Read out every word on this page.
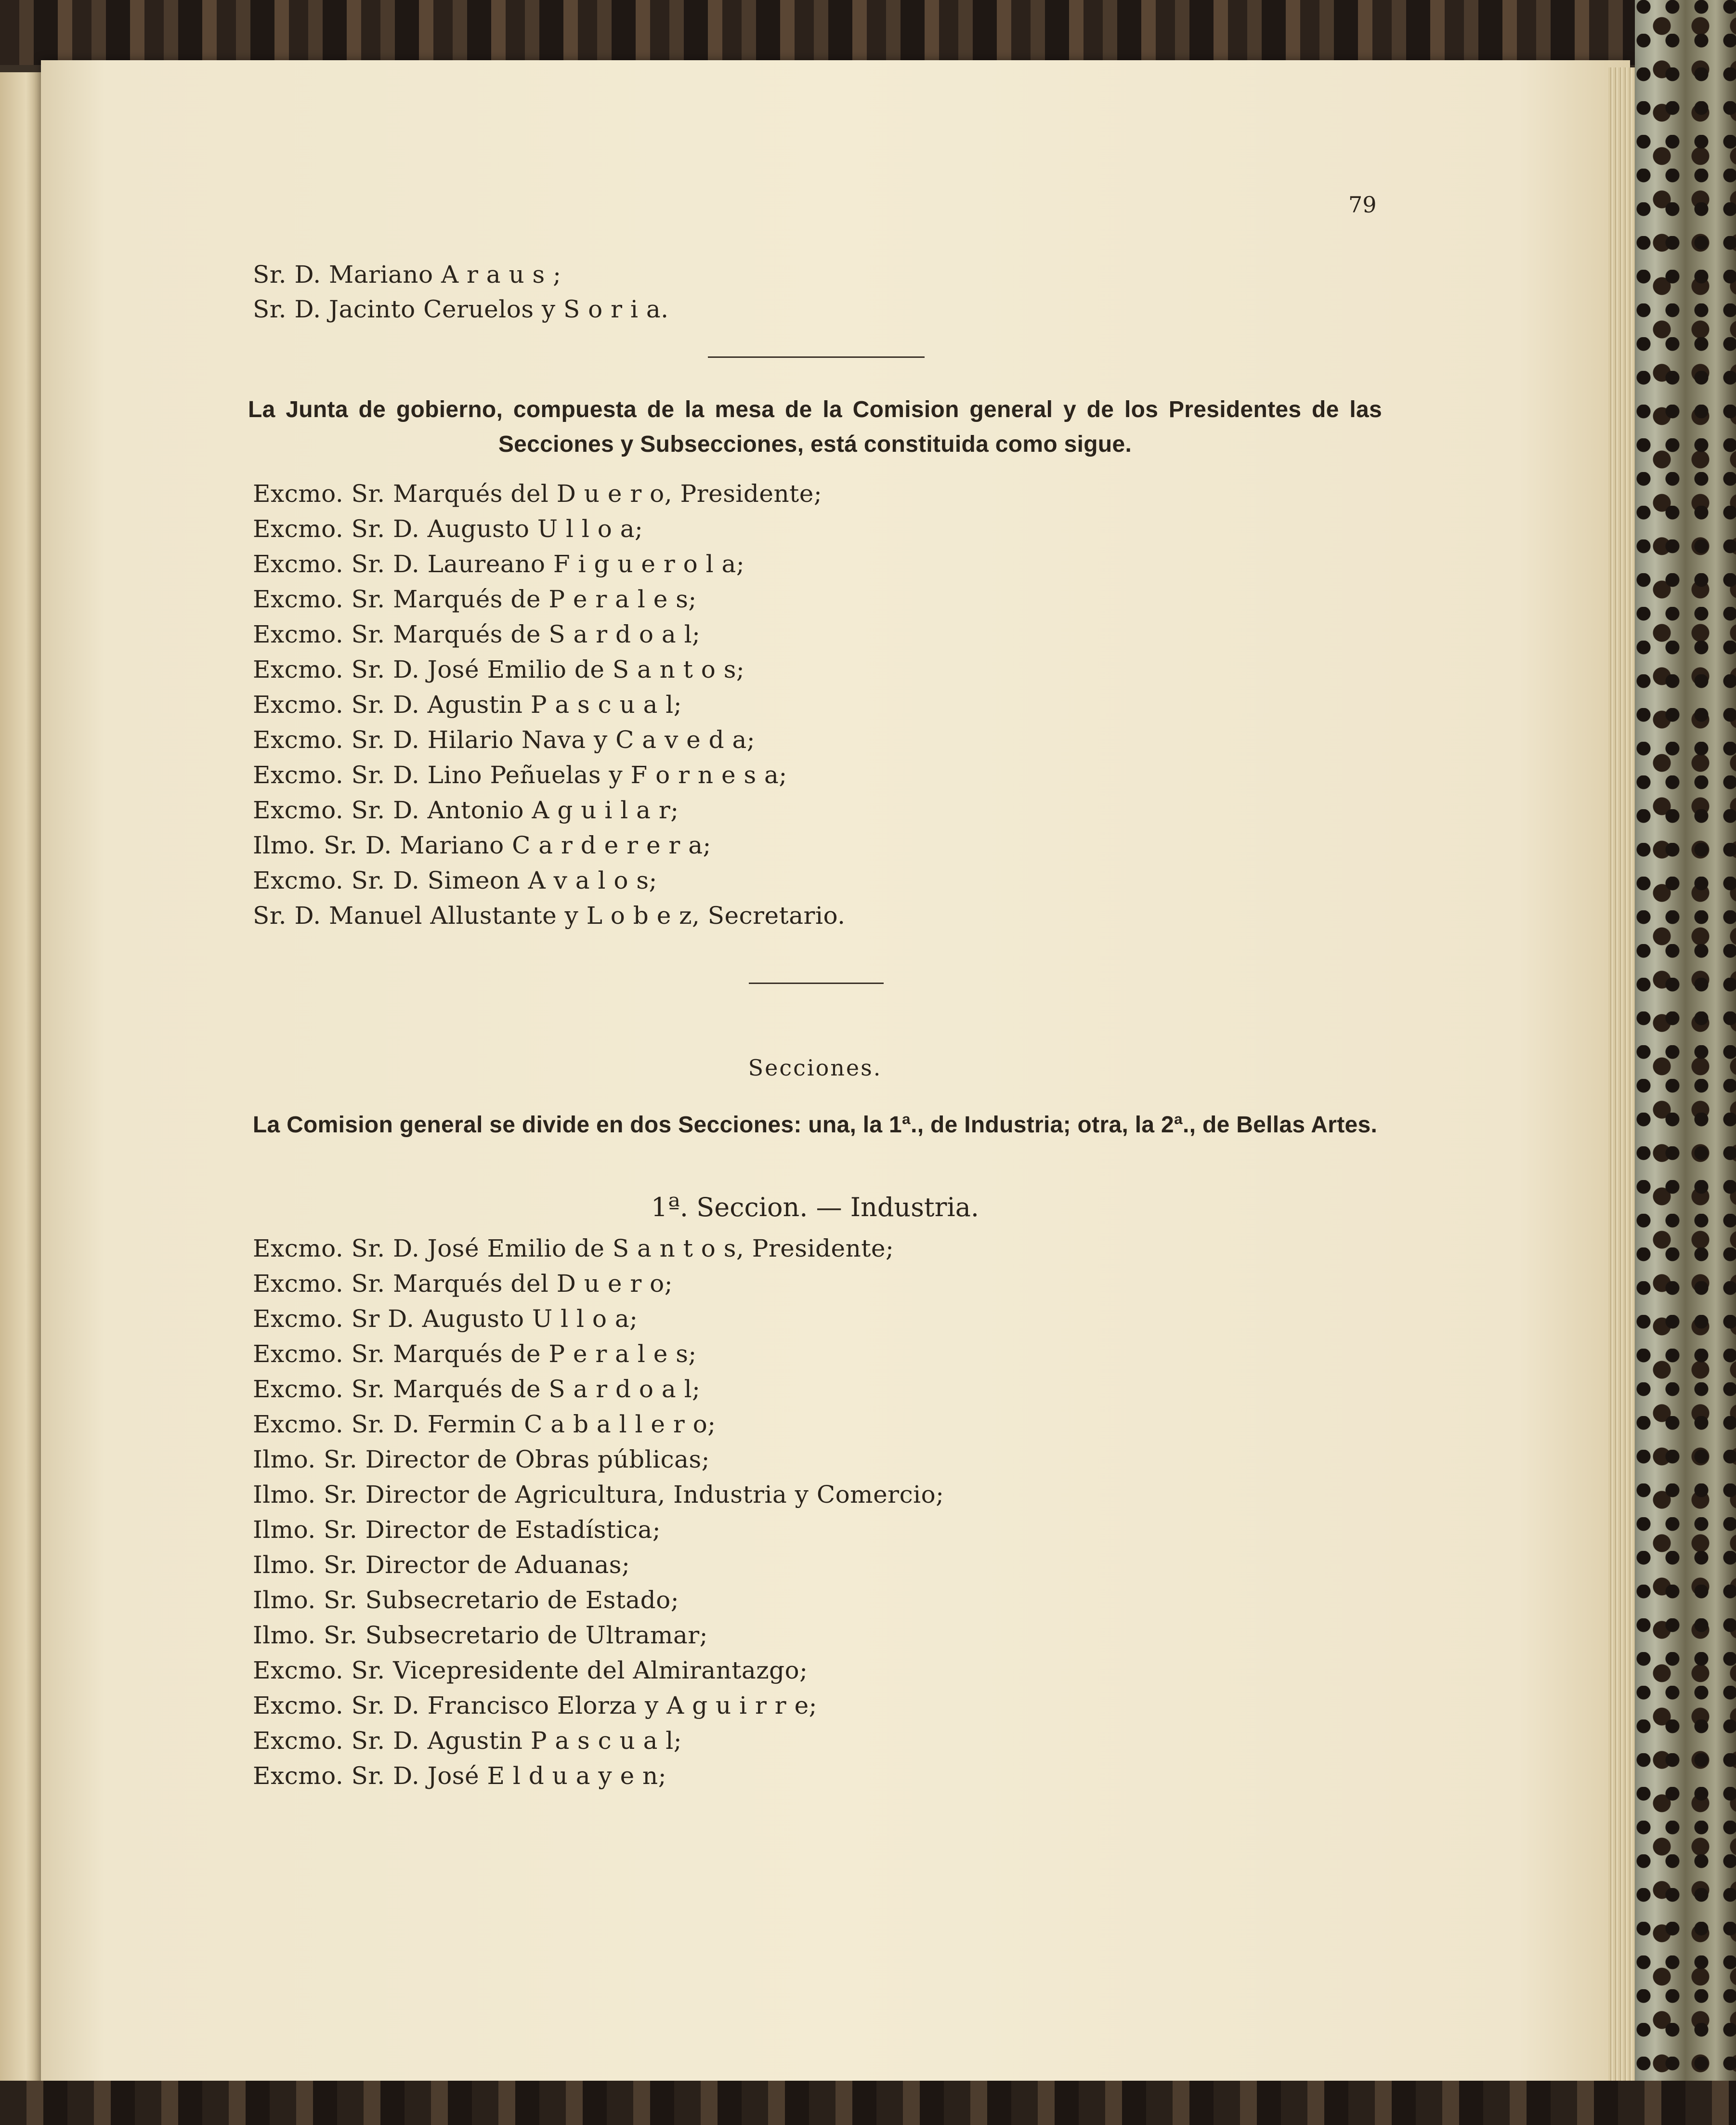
79
Sr. D. Mariano A r a u s ;
Sr. D. Jacinto Ceruelos y S o r i a.
La Junta de gobierno, compuesta de la mesa de la Comision general y de los Presidentes de las Secciones y Subsecciones, está constituida como sigue.
Excmo. Sr. Marqués del D u e r o, Presidente;
Excmo. Sr. D. Augusto U l l o a;
Excmo. Sr. D. Laureano F i g u e r o l a;
Excmo. Sr. Marqués de P e r a l e s;
Excmo. Sr. Marqués de S a r d o a l;
Excmo. Sr. D. José Emilio de S a n t o s;
Excmo. Sr. D. Agustin P a s c u a l;
Excmo. Sr. D. Hilario Nava y C a v e d a;
Excmo. Sr. D. Lino Peñuelas y F o r n e s a;
Excmo. Sr. D. Antonio A g u i l a r;
Ilmo. Sr. D. Mariano C a r d e r e r a;
Excmo. Sr. D. Simeon A v a l o s;
Sr. D. Manuel Allustante y L o b e z, Secretario.
Secciones.
La Comision general se divide en dos Secciones: una, la 1ª., de Industria; otra, la 2ª., de Bellas Artes.
1ª. Seccion. — Industria.
Excmo. Sr. D. José Emilio de S a n t o s, Presidente;
Excmo. Sr. Marqués del D u e r o;
Excmo. Sr D. Augusto U l l o a;
Excmo. Sr. Marqués de P e r a l e s;
Excmo. Sr. Marqués de S a r d o a l;
Excmo. Sr. D. Fermin C a b a l l e r o;
Ilmo. Sr. Director de Obras públicas;
Ilmo. Sr. Director de Agricultura, Industria y Comercio;
Ilmo. Sr. Director de Estadística;
Ilmo. Sr. Director de Aduanas;
Ilmo. Sr. Subsecretario de Estado;
Ilmo. Sr. Subsecretario de Ultramar;
Excmo. Sr. Vicepresidente del Almirantazgo;
Excmo. Sr. D. Francisco Elorza y A g u i r r e;
Excmo. Sr. D. Agustin P a s c u a l;
Excmo. Sr. D. José E l d u a y e n;
